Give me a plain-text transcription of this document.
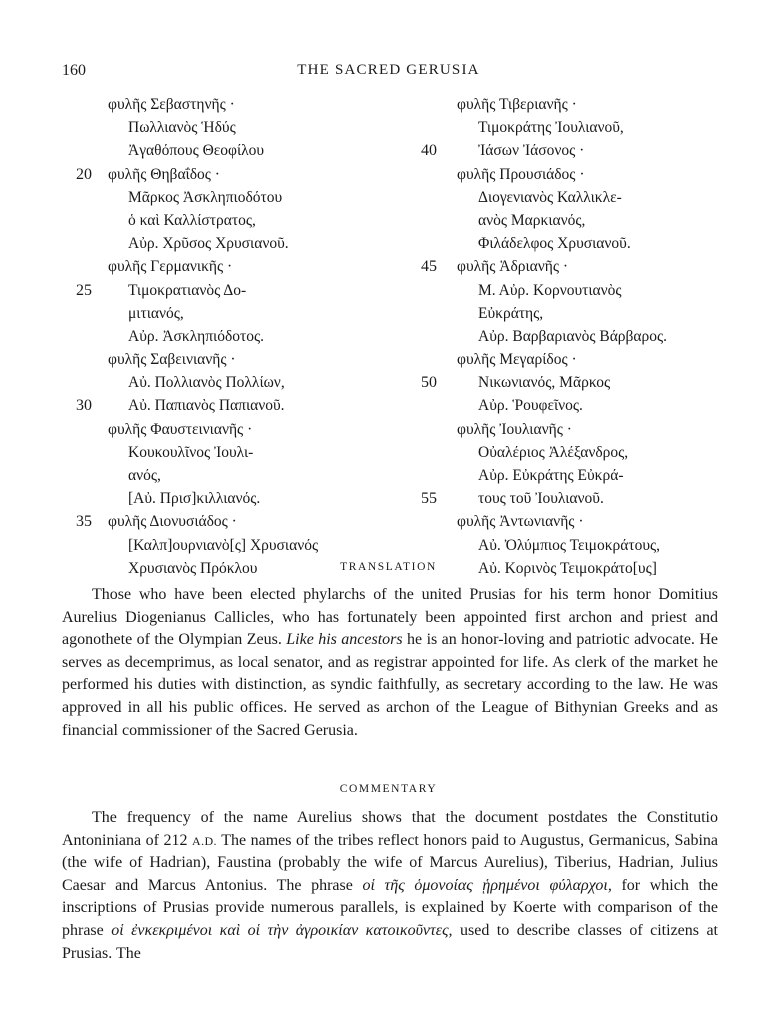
160	THE SACRED GERUSIA
φυλῆς Σεβαστηνῆς ·
Πωλλιανὸς Ἡδύς
Ἀγαθόπους Θεοφίλου
20 φυλῆς Θηβαΐδος ·
Μᾶρκος Ἀσκληπιοδότου
ὁ καὶ Καλλίστρατος,
Αὐρ. Χρῦσος Χρυσιανοῦ.
φυλῆς Γερμανικῆς ·
25 Τιμοκρατιανὸς Δο-
μιτιανός,
Αὐρ. Ἀσκληπιόδοτος.
φυλῆς Σαβεινιανῆς ·
Αὐ. Πολλιανὸς Πολλίων,
30 Αὐ. Παπιανὸς Παπιανοῦ.
φυλῆς Φαυστεινιανῆς ·
Κουκουλῖνος Ἰουλι-
ανός,
[Αὐ. Πρισ]κιλλιανός.
35 φυλῆς Διονυσιάδος ·
[Καλπ]ουρνιανὸ[ς] Χρυσιανός
Χρυσιανὸς Πρόκλου
φυλῆς Τιβεριανῆς ·
Τιμοκράτης Ἰουλιανοῦ,
40	Ἰάσων Ἰάσονος ·
φυλῆς Προυσιάδος ·
Διογενιανὸς Καλλικλε-
ανὸς Μαρκιανός,
Φιλάδελφος Χρυσιανοῦ.
45 φυλῆς Ἁδριανῆς ·
Μ. Αὐρ. Κορνουτιανὸς
Εὐκράτης,
Αὐρ. Βαρβαριανὸς Βάρβαρος.
φυλῆς Μεγαρίδος ·
50	Νικωνιανός, Μᾶρκος
Αὐρ. Ῥουφεῖνος.
φυλῆς Ἰουλιανῆς ·
Οὐαλέριος Ἀλέξανδρος,
Αὐρ. Εὐκράτης Εὐκρά-
55	τους τοῦ Ἰουλιανοῦ.
φυλῆς Ἀντωνιανῆς ·
Αὐ. Ὀλύμπιος Τειμοκράτους,
Αὐ. Κορινὸς Τειμοκράτο[υς]
TRANSLATION

Those who have been elected phylarchs of the united Prusias for his term honor Domitius Aurelius Diogenianus Callicles, who has fortunately been appointed first archon and priest and agonothete of the Olympian Zeus. Like his ancestors he is an honor-loving and patriotic advocate. He serves as decemprimus, as local senator, and as registrar appointed for life. As clerk of the market he performed his duties with distinction, as syndic faithfully, as secretary according to the law. He was approved in all his public offices. He served as archon of the League of Bithynian Greeks and as financial commissioner of the Sacred Gerusia.

COMMENTARY

The frequency of the name Aurelius shows that the document postdates the Constitutio Antoniniana of 212 A.D. The names of the tribes reflect honors paid to Augustus, Germanicus, Sabina (the wife of Hadrian), Faustina (probably the wife of Marcus Aurelius), Tiberius, Hadrian, Julius Caesar and Marcus Antonius. The phrase οἱ τῆς ὁμονοίας ᾑρημένοι φύλαρχοι, for which the inscriptions of Prusias provide numerous parallels, is explained by Koerte with comparison of the phrase οἱ ἐνκεκριμένοι καὶ οἱ τὴν ἀγροικίαν κατοικοῦντες, used to describe classes of citizens at Prusias. The
